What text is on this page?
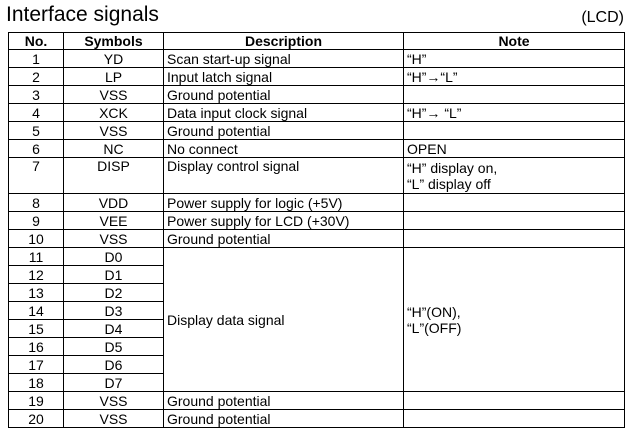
Interface signals	(LCD)
No.	Symbols	Description	Note
1	YD	Scan start-up signal	“H”
2	LP	Input latch signal	“H”→“L”
3	VSS	Ground potential	
4	XCK	Data input clock signal	“H”→ “L”
5	VSS	Ground potential	
6	NC	No connect	OPEN
7	DISP	Display control signal	“H” display on,
“L” display off

8	VDD	Power supply for logic (+5V)	
9	VEE	Power supply for LCD (+30V)	
10	VSS	Ground potential	
11	D0	Display data signal	“H”(ON),
“L”(OFF)

12	D1		
13	D2		
14	D3		
15	D4		
16	D5		
17	D6		
18	D7		
19	VSS	Ground potential	
20	VSS	Ground potential	
